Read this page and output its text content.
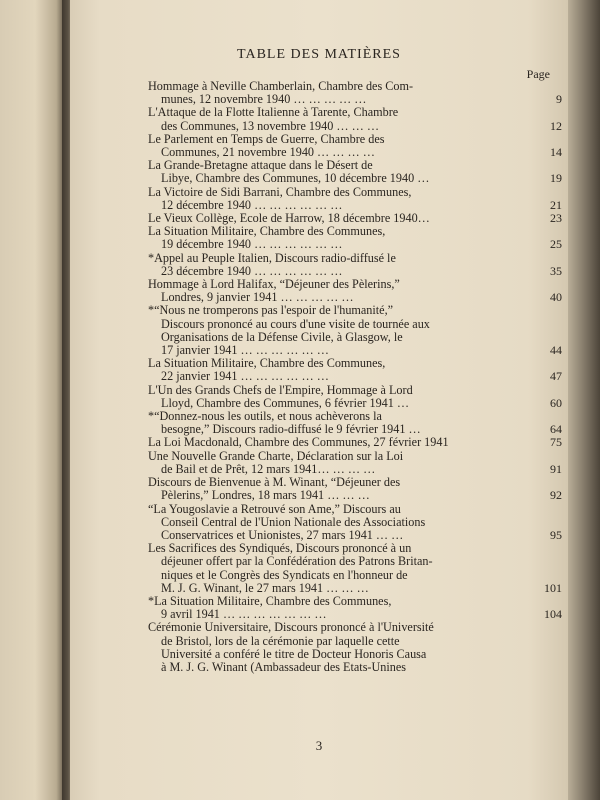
TABLE DES MATIÈRES
Page
Hommage à Neville Chamberlain, Chambre des Com-
munes, 12 novembre 1940 … … … … …	9
L'Attaque de la Flotte Italienne à Tarente, Chambre
des Communes, 13 novembre 1940 … … …	12
Le Parlement en Temps de Guerre, Chambre des
Communes, 21 novembre 1940 … … … …	14
La Grande-Bretagne attaque dans le Désert de
Libye, Chambre des Communes, 10 décembre 1940 …	19
La Victoire de Sidi Barrani, Chambre des Communes,
12 décembre 1940 … … … … … …	21
Le Vieux Collège, Ecole de Harrow, 18 décembre 1940…	23
La Situation Militaire, Chambre des Communes,
19 décembre 1940 … … … … … …	25
*Appel au Peuple Italien, Discours radio-diffusé le
23 décembre 1940 … … … … … …	35
Hommage à Lord Halifax, “Déjeuner des Pèlerins,”
Londres, 9 janvier 1941 … … … … …	40
*“Nous ne tromperons pas l'espoir de l'humanité,”
Discours prononcé au cours d'une visite de tournée aux
Organisations de la Défense Civile, à Glasgow, le
17 janvier 1941 … … … … … …	44
La Situation Militaire, Chambre des Communes,
22 janvier 1941 … … … … … …	47
L'Un des Grands Chefs de l'Empire, Hommage à Lord
Lloyd, Chambre des Communes, 6 février 1941 …	60
*“Donnez-nous les outils, et nous achèverons la
besogne,” Discours radio-diffusé le 9 février 1941 …	64
La Loi Macdonald, Chambre des Communes, 27 février 1941	75
Une Nouvelle Grande Charte, Déclaration sur la Loi
de Bail et de Prêt, 12 mars 1941… … … …	91
Discours de Bienvenue à M. Winant, “Déjeuner des
Pèlerins,” Londres, 18 mars 1941 … … …	92
“La Yougoslavie a Retrouvé son Ame,” Discours au
Conseil Central de l'Union Nationale des Associations
Conservatrices et Unionistes, 27 mars 1941 … …	95
Les Sacrifices des Syndiqués, Discours prononcé à un
déjeuner offert par la Confédération des Patrons Britan-
niques et le Congrès des Syndicats en l'honneur de
M. J. G. Winant, le 27 mars 1941 … … …	101
*La Situation Militaire, Chambre des Communes,
9 avril 1941 … … … … … … …	104
Cérémonie Universitaire, Discours prononcé à l'Université
de Bristol, lors de la cérémonie par laquelle cette
Université a conféré le titre de Docteur Honoris Causa
à M. J. G. Winant (Ambassadeur des Etats-Unines
3
